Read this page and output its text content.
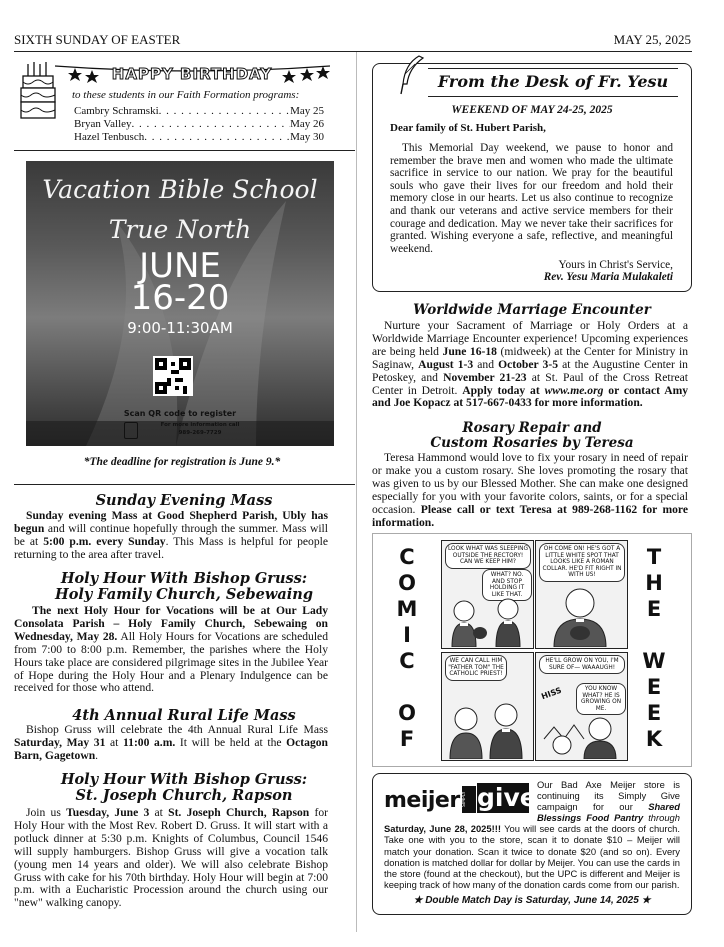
SIXTH SUNDAY OF EASTER	MAY 25, 2025
HAPPY BIRTHDAY
to these students in our Faith Formation programs:
Cambry Schramski . . .	May 25
Bryan Valley . . .	May 26
Hazel Tenbusch . . .	May 30
Vacation Bible School
True North
JUNE
16-20
9:00-11:30AM
Scan QR code to register
For more information call
989-269-7729
*The deadline for registration is June 9.*
Sunday Evening Mass
Sunday evening Mass at Good Shepherd Parish, Ubly has begun and will continue hopefully through the summer. Mass will be at 5:00 p.m. every Sunday. This Mass is helpful for people returning to the area after travel.
Holy Hour With Bishop Gruss:
Holy Family Church, Sebewaing
The next Holy Hour for Vocations will be at Our Lady Consolata Parish – Holy Family Church, Sebewaing on Wednesday, May 28. All Holy Hours for Vocations are scheduled from 7:00 to 8:00 p.m. Remember, the parishes where the Holy Hours take place are considered pilgrimage sites in the Jubilee Year of Hope during the Holy Hour and a Plenary Indulgence can be received for those who attend.
4th Annual Rural Life Mass
Bishop Gruss will celebrate the 4th Annual Rural Life Mass Saturday, May 31 at 11:00 a.m. It will be held at the Octagon Barn, Gagetown.
Holy Hour With Bishop Gruss:
St. Joseph Church, Rapson
Join us Tuesday, June 3 at St. Joseph Church, Rapson for Holy Hour with the Most Rev. Robert D. Gruss. It will start with a potluck dinner at 5:30 p.m. Knights of Columbus, Council 1546 will supply hamburgers. Bishop Gruss will give a vocation talk (young men 14 years and older). We will also celebrate Bishop Gruss with cake for his 70th birthday. Holy Hour will begin at 7:00 p.m. with a Eucharistic Procession around the church using our "new" walking canopy.
From the Desk of Fr. Yesu
WEEKEND OF MAY 24-25, 2025
Dear family of St. Hubert Parish,
This Memorial Day weekend, we pause to honor and remember the brave men and women who made the ultimate sacrifice in service to our nation. We pray for the beautiful souls who gave their lives for our freedom and hold their memory close in our hearts. Let us also continue to recognize and thank our veterans and active service members for their courage and dedication. May we never take their sacrifices for granted. Wishing everyone a safe, reflective, and meaningful weekend.
Yours in Christ's Service,
Rev. Yesu Maria Mulakaleti
Worldwide Marriage Encounter
Nurture your Sacrament of Marriage or Holy Orders at a Worldwide Marriage Encounter experience! Upcoming experiences are being held June 16-18 (midweek) at the Center for Ministry in Saginaw, August 1-3 and October 3-5 at the Augustine Center in Petoskey, and November 21-23 at St. Paul of the Cross Retreat Center in Detroit. Apply today at www.me.org or contact Amy and Joe Kopacz at 517-667-0433 for more information.
Rosary Repair and
Custom Rosaries by Teresa
Teresa Hammond would love to fix your rosary in need of repair or make you a custom rosary. She loves promoting the rosary that was given to us by our Blessed Mother. She can make one designed especially for you with your favorite colors, saints, or for a special occasion. Please call or text Teresa at 989-268-1162 for more information.
C
O
M
I
C
O
F
T
H
E
W
E
E
K
LOOK WHAT WAS SLEEPING OUTSIDE THE RECTORY! CAN WE KEEP HIM?
WHAT? NO. AND STOP HOLDING IT LIKE THAT.
OH COME ON! HE'S GOT A LITTLE WHITE SPOT THAT LOOKS LIKE A ROMAN COLLAR. HE'D FIT RIGHT IN WITH US!
WE CAN CALL HIM "FATHER TOM" THE CATHOLIC PRIEST!
HE'LL GROW ON YOU, I'M SURE OF— WAAAUGH!
YOU KNOW WHAT? HE IS GROWING ON ME.
HISS
meijer SIMPLY give Our Bad Axe Meijer store is continuing its Simply Give campaign for our Shared Blessings Food Pantry through Saturday, June 28, 2025!!! You will see cards at the doors of church. Take one with you to the store, scan it to donate $10 – Meijer will match your donation. Scan it twice to donate $20 (and so on). Every donation is matched dollar for dollar by Meijer. You can use the cards in the store (found at the checkout), but the UPC is different and Meijer is keeping track of how many of the donation cards come from our parish.
★ Double Match Day is Saturday, June 14, 2025 ★
